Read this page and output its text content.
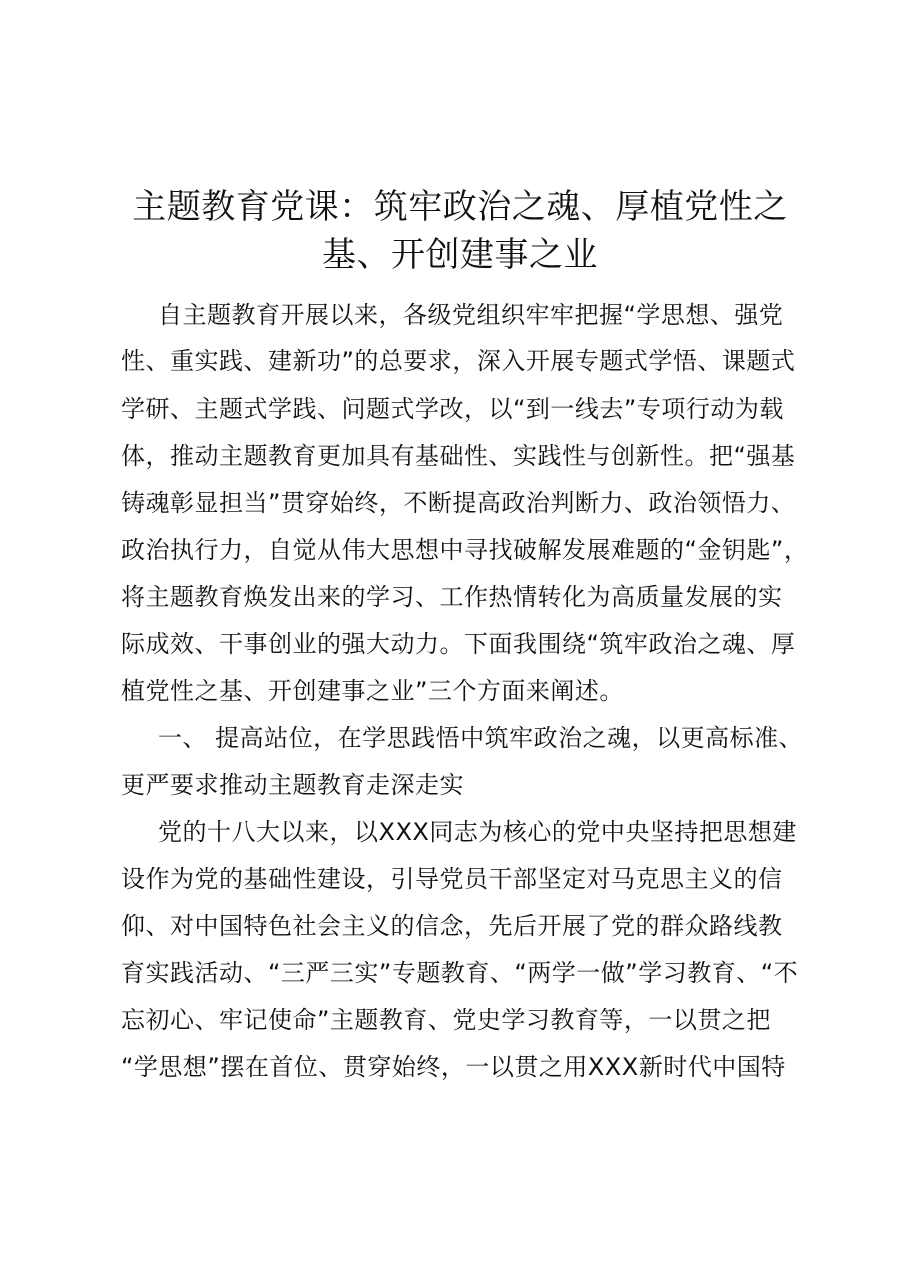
主题教育党课：筑牢政治之魂、厚植党性之
基、开创建事之业
自主题教育开展以来，各级党组织牢牢把握“学思想、强党
性、重实践、建新功”的总要求，深入开展专题式学悟、课题式
学研、主题式学践、问题式学改，以“到一线去”专项行动为载
体，推动主题教育更加具有基础性、实践性与创新性。把“强基
铸魂彰显担当”贯穿始终，不断提高政治判断力、政治领悟力、
政治执行力，自觉从伟大思想中寻找破解发展难题的“金钥匙”，
将主题教育焕发出来的学习、工作热情转化为高质量发展的实
际成效、干事创业的强大动力。下面我围绕“筑牢政治之魂、厚
植党性之基、开创建事之业”三个方面来阐述。
一、 提高站位，在学思践悟中筑牢政治之魂，以更高标准、
更严要求推动主题教育走深走实
党的十八大以来，以XXX同志为核心的党中央坚持把思想建
设作为党的基础性建设，引导党员干部坚定对马克思主义的信
仰、对中国特色社会主义的信念，先后开展了党的群众路线教
育实践活动、“三严三实”专题教育、“两学一做”学习教育、“不
忘初心、牢记使命”主题教育、党史学习教育等，一以贯之把
“学思想”摆在首位、贯穿始终，一以贯之用XXX新时代中国特
